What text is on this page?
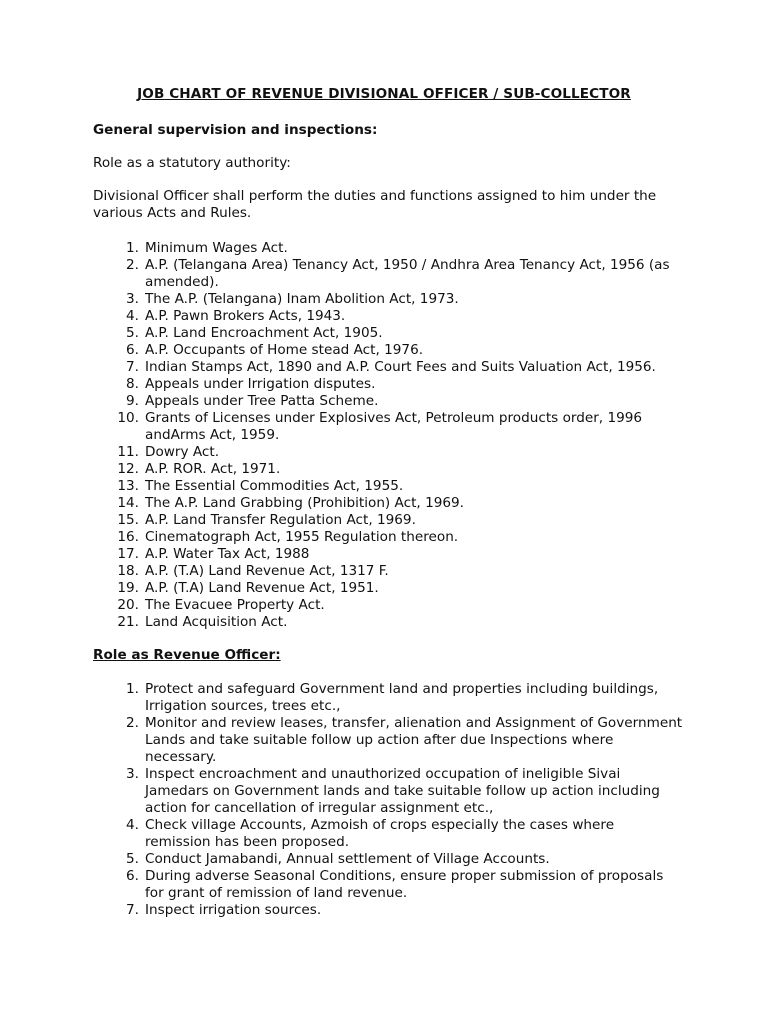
JOB CHART OF REVENUE DIVISIONAL OFFICER / SUB-COLLECTOR

General supervision and inspections:

Role as a statutory authority:

Divisional Officer shall perform the duties and functions assigned to him under the various Acts and Rules.

1. Minimum Wages Act.
2. A.P. (Telangana Area) Tenancy Act, 1950 / Andhra Area Tenancy Act, 1956 (as amended).
3. The A.P. (Telangana) Inam Abolition Act, 1973.
4. A.P. Pawn Brokers Acts, 1943.
5. A.P. Land Encroachment Act, 1905.
6. A.P. Occupants of Home stead Act, 1976.
7. Indian Stamps Act, 1890 and A.P. Court Fees and Suits Valuation Act, 1956.
8. Appeals under Irrigation disputes.
9. Appeals under Tree Patta Scheme.
10. Grants of Licenses under Explosives Act, Petroleum products order, 1996 andArms Act, 1959.
11. Dowry Act.
12. A.P. ROR. Act, 1971.
13. The Essential Commodities Act, 1955.
14. The A.P. Land Grabbing (Prohibition) Act, 1969.
15. A.P. Land Transfer Regulation Act, 1969.
16. Cinematograph Act, 1955 Regulation thereon.
17. A.P. Water Tax Act, 1988
18. A.P. (T.A) Land Revenue Act, 1317 F.
19. A.P. (T.A) Land Revenue Act, 1951.
20. The Evacuee Property Act.
21. Land Acquisition Act.

Role as Revenue Officer:

1. Protect and safeguard Government land and properties including buildings, Irrigation sources, trees etc.,
2. Monitor and review leases, transfer, alienation and Assignment of Government Lands and take suitable follow up action after due Inspections where necessary.
3. Inspect encroachment and unauthorized occupation of ineligible Sivai Jamedars on Government lands and take suitable follow up action including action for cancellation of irregular assignment etc.,
4. Check village Accounts, Azmoish of crops especially the cases where remission has been proposed.
5. Conduct Jamabandi, Annual settlement of Village Accounts.
6. During adverse Seasonal Conditions, ensure proper submission of proposals for grant of remission of land revenue.
7. Inspect irrigation sources.
